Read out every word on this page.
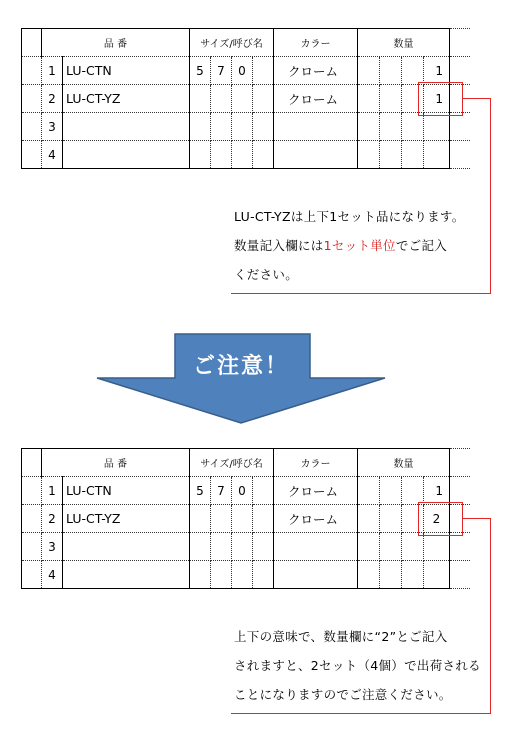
	品 番		サイズ/呼び名				カラー	数量				
	1	LU-CTN	5	7	0		クローム				1	
	2	LU-CT-YZ					クローム				1	
	3											
	4											
LU-CT-YZは上下1セット品になります。
数量記入欄には1セット単位でご記入
ください。
ご注意！
	品 番		サイズ/呼び名				カラー	数量				
	1	LU-CTN	5	7	0		クローム				1	
	2	LU-CT-YZ					クローム				2	
	3											
	4											
上下の意味で、数量欄に“2”とご記入
されますと、2セット（4個）で出荷される
ことになりますのでご注意ください。
